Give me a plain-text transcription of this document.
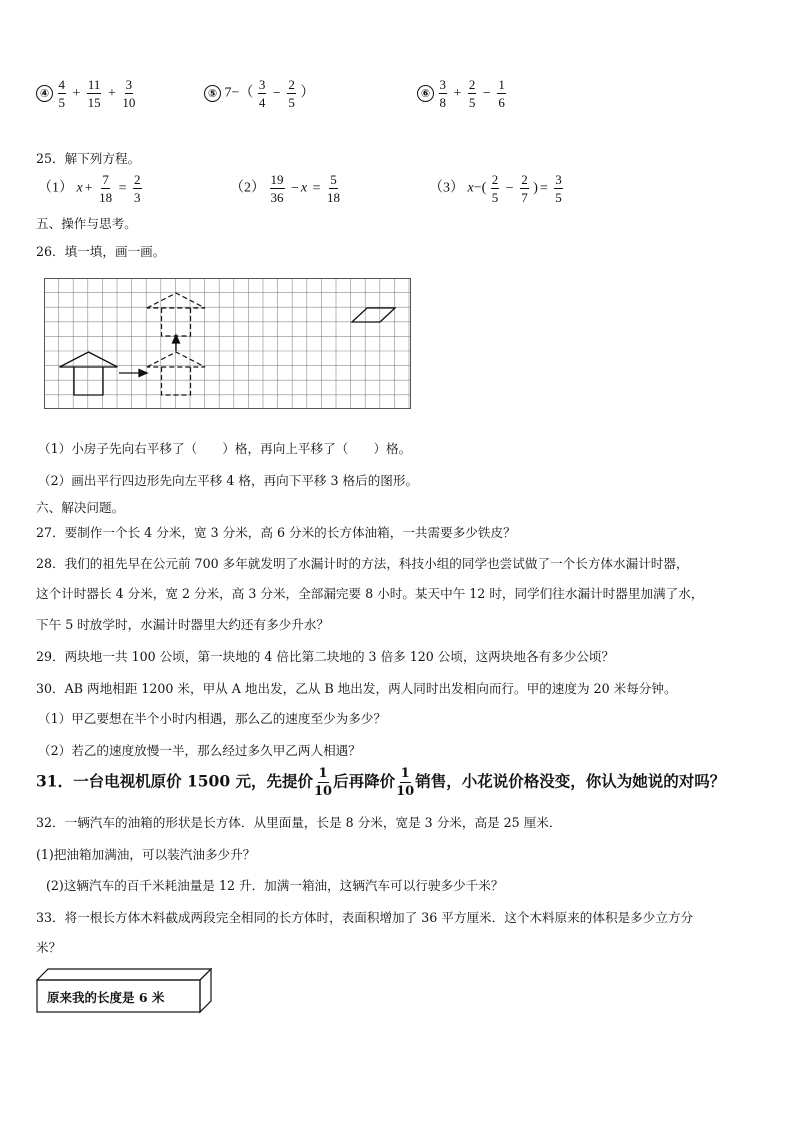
④ $\frac{4}{5} + \frac{11}{15} + \frac{3}{10}$	⑤ $7-( \frac{3}{4} - \frac{2}{5}$ ）	⑥ $\frac{3}{8} + \frac{2}{5} - \frac{1}{6}$
25．解下列方程。
（1） $x + \frac{7}{18} = \frac{2}{3}$	$(2) \frac{19}{36} - x = \frac{5}{18}$	（3） $x-( \frac{2}{5} - \frac{2}{7}$ ) = $\frac{3}{5}$
五、操作与思考。
26．填一填，画一画。
（1）小房子先向右平移了（　　）格，再向上平移了（　　）格。
（2）画出平行四边形先向左平移 4 格，再向下平移 3 格后的图形。
六、解决问题。
27．要制作一个长 4 分米，宽 3 分米，高 6 分米的长方体油箱，一共需要多少铁皮？
28．我们的祖先早在公元前 700 多年就发明了水漏计时的方法，科技小组的同学也尝试做了一个长方体水漏计时器，
这个计时器长 4 分米，宽 2 分米，高 3 分米，全部漏完要 8 小时。某天中午 12 时，同学们往水漏计时器里加满了水，
下午 5 时放学时，水漏计时器里大约还有多少升水？
29．两块地一共 100 公顷，第一块地的 4 倍比第二块地的 3 倍多 120 公顷，这两块地各有多少公顷？
30．AB 两地相距 1200 米，甲从 A 地出发，乙从 B 地出发，两人同时出发相向而行。甲的速度为 20 米每分钟。
（1）甲乙要想在半个小时内相遇，那么乙的速度至少为多少？
（2）若乙的速度放慢一半，那么经过多久甲乙两人相遇？
31．一台电视机原价 1500 元，先提价 $\frac{1}{10}$ 后再降价 $\frac{1}{10}$ 销售，小花说价格没变，你认为她说的对吗？
32．一辆汽车的油箱的形状是长方体．从里面量，长是 8 分米，宽是 3 分米，高是 25 厘米．
(1)把油箱加满油，可以装汽油多少升？
(2)这辆汽车的百千米耗油量是 12 升．加满一箱油，这辆汽车可以行驶多少千米？
33．将一根长方体木料截成两段完全相同的长方体时，表面积增加了 36 平方厘米．这个木料原来的体积是多少立方分
米？
原来我的长度是 6 米
